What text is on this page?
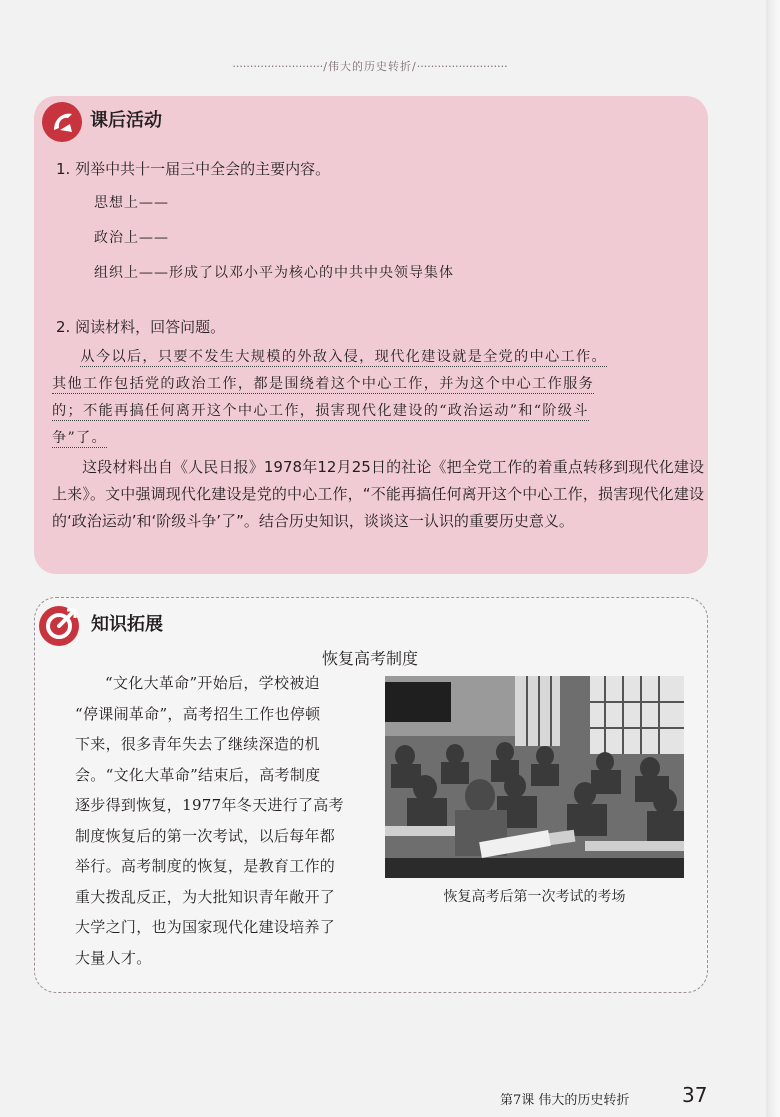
··························/伟大的历史转折/··························
课后活动
1. 列举中共十一届三中全会的主要内容。
思想上——
政治上——
组织上——形成了以邓小平为核心的中共中央领导集体
2. 阅读材料，回答问题。
从今以后，只要不发生大规模的外敌入侵，现代化建设就是全党的中心工作。
其他工作包括党的政治工作，都是围绕着这个中心工作，并为这个中心工作服务
的；不能再搞任何离开这个中心工作，损害现代化建设的“政治运动”和“阶级斗
争”了。
这段材料出自《人民日报》1978年12月25日的社论《把全党工作的着重点转移到现代化建设上来》。文中强调现代化建设是党的中心工作，“不能再搞任何离开这个中心工作，损害现代化建设的‘政治运动’和‘阶级斗争’了”。结合历史知识，谈谈这一认识的重要历史意义。
知识拓展
恢复高考制度
“文化大革命”开始后，学校被迫
“停课闹革命”，高考招生工作也停顿
下来，很多青年失去了继续深造的机
会。“文化大革命”结束后，高考制度
逐步得到恢复，1977年冬天进行了高考
制度恢复后的第一次考试，以后每年都
举行。高考制度的恢复，是教育工作的
重大拨乱反正，为大批知识青年敞开了
大学之门，也为国家现代化建设培养了
大量人才。
恢复高考后第一次考试的考场
第7课 伟大的历史转折	37
